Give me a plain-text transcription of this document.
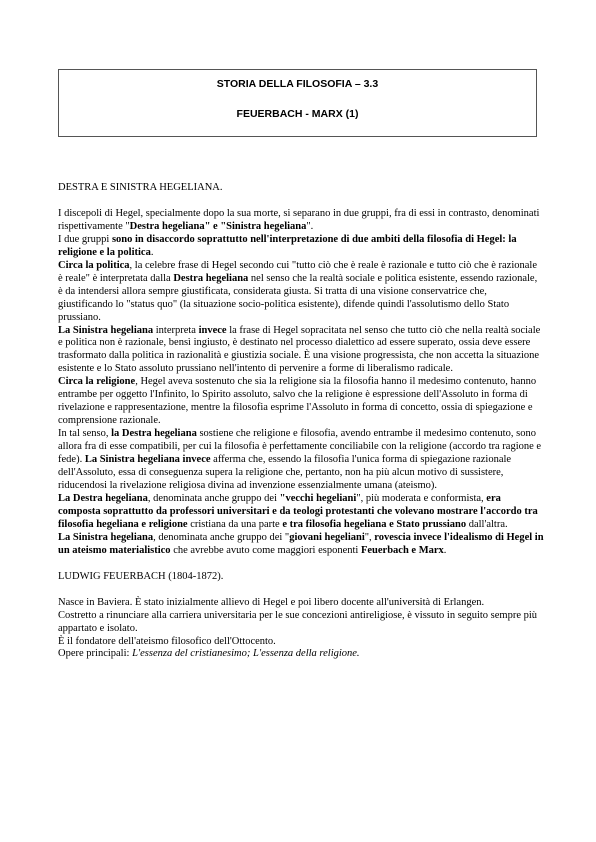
STORIA DELLA FILOSOFIA – 3.3
FEUERBACH - MARX (1)

DESTRA E SINISTRA HEGELIANA.

I discepoli di Hegel, specialmente dopo la sua morte, si separano in due gruppi, fra di essi in contrasto, denominati rispettivamente "Destra hegeliana" e "Sinistra hegeliana".

I due gruppi sono in disaccordo soprattutto nell'interpretazione di due ambiti della filosofia di Hegel: la religione e la politica.

Circa la politica, la celebre frase di Hegel secondo cui "tutto ciò che è reale è razionale e tutto ciò che è razionale è reale" è interpretata dalla Destra hegeliana nel senso che la realtà sociale e politica esistente, essendo razionale, è da intendersi allora sempre giustificata, considerata giusta. Si tratta di una visione conservatrice che, giustificando lo "status quo" (la situazione socio-politica esistente), difende quindi l'assolutismo dello Stato prussiano.

La Sinistra hegeliana interpreta invece la frase di Hegel sopracitata nel senso che tutto ciò che nella realtà sociale e politica non è razionale, bensì ingiusto, è destinato nel processo dialettico ad essere superato, ossia deve essere trasformato dalla politica in razionalità e giustizia sociale. È una visione progressista, che non accetta la situazione esistente e lo Stato assoluto prussiano nell'intento di pervenire a forme di liberalismo radicale.

Circa la religione, Hegel aveva sostenuto che sia la religione sia la filosofia hanno il medesimo contenuto, hanno entrambe per oggetto l'Infinito, lo Spirito assoluto, salvo che la religione è espressione dell'Assoluto in forma di rivelazione e rappresentazione, mentre la filosofia esprime l'Assoluto in forma di concetto, ossia di spiegazione e comprensione razionale.

In tal senso, la Destra hegeliana sostiene che religione e filosofia, avendo entrambe il medesimo contenuto, sono allora fra di esse compatibili, per cui la filosofia è perfettamente conciliabile con la religione (accordo tra ragione e fede). La Sinistra hegeliana invece afferma che, essendo la filosofia l'unica forma di spiegazione razionale dell'Assoluto, essa di conseguenza supera la religione che, pertanto, non ha più alcun motivo di sussistere, riducendosi la rivelazione religiosa divina ad invenzione essenzialmente umana (ateismo).

La Destra hegeliana, denominata anche gruppo dei "vecchi hegeliani", più moderata e conformista, era composta soprattutto da professori universitari e da teologi protestanti che volevano mostrare l'accordo tra filosofia hegeliana e religione cristiana da una parte e tra filosofia hegeliana e Stato prussiano dall'altra.

La Sinistra hegeliana, denominata anche gruppo dei "giovani hegeliani", rovescia invece l'idealismo di Hegel in un ateismo materialistico che avrebbe avuto come maggiori esponenti Feuerbach e Marx.

LUDWIG FEUERBACH (1804-1872).

Nasce in Baviera. È stato inizialmente allievo di Hegel e poi libero docente all'università di Erlangen.

Costretto a rinunciare alla carriera universitaria per le sue concezioni antireligiose, è vissuto in seguito sempre più appartato e isolato.

È il fondatore dell'ateismo filosofico dell'Ottocento.

Opere principali: L'essenza del cristianesimo; L'essenza della religione.
